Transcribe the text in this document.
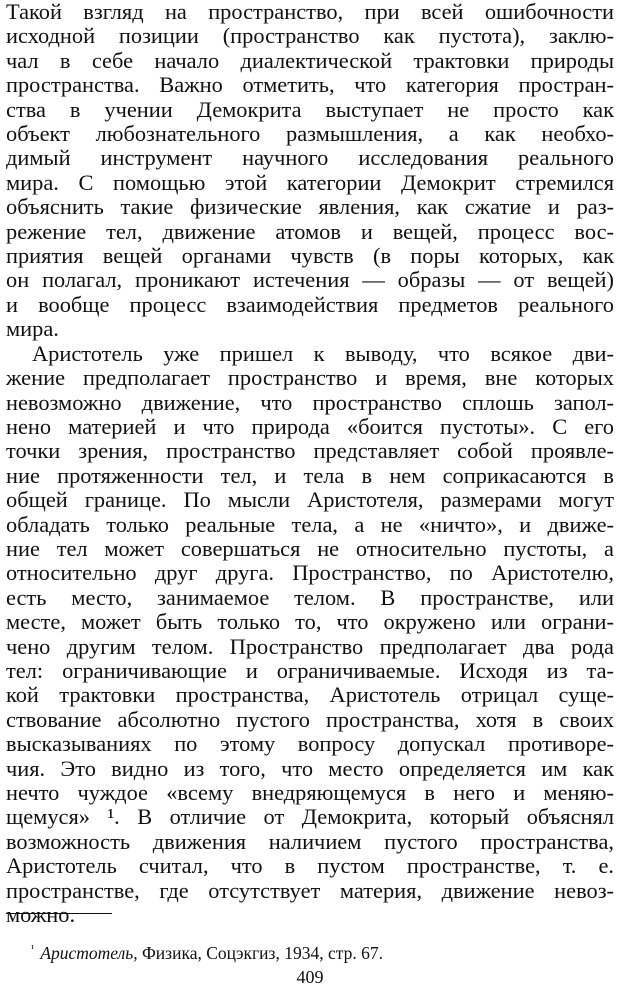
Такой взгляд на пространство, при всей ошибочности
исходной позиции (пространство как пустота), заклю-
чал в себе начало диалектической трактовки природы
пространства. Важно отметить, что категория простран-
ства в учении Демокрита выступает не просто как
объект любознательного размышления, а как необхо-
димый инструмент научного исследования реального
мира. С помощью этой категории Демокрит стремился
объяснить такие физические явления, как сжатие и раз-
режение тел, движение атомов и вещей, процесс вос-
приятия вещей органами чувств (в поры которых, как
он полагал, проникают истечения — образы — от вещей)
и вообще процесс взаимодействия предметов реального
мира.
Аристотель уже пришел к выводу, что всякое дви-
жение предполагает пространство и время, вне которых
невозможно движение, что пространство сплошь запол-
нено материей и что природа «боится пустоты». С его
точки зрения, пространство представляет собой проявле-
ние протяженности тел, и тела в нем соприкасаются в
общей границе. По мысли Аристотеля, размерами могут
обладать только реальные тела, а не «ничто», и движе-
ние тел может совершаться не относительно пустоты, а
относительно друг друга. Пространство, по Аристотелю,
есть место, занимаемое телом. В пространстве, или
месте, может быть только то, что окружено или ограни-
чено другим телом. Пространство предполагает два рода
тел: ограничивающие и ограничиваемые. Исходя из та-
кой трактовки пространства, Аристотель отрицал суще-
ствование абсолютно пустого пространства, хотя в своих
высказываниях по этому вопросу допускал противоре-
чия. Это видно из того, что место определяется им как
нечто чуждое «всему внедряющемуся в него и меняю-
щемуся» ¹. В отличие от Демокрита, который объяснял
возможность движения наличием пустого пространства,
Аристотель считал, что в пустом пространстве, т. е.
пространстве, где отсутствует материя, движение невоз-
можно.
$^{^1}$ Аристотель, Физика, Соцэкгиз, 1934, стр. 67.
409
